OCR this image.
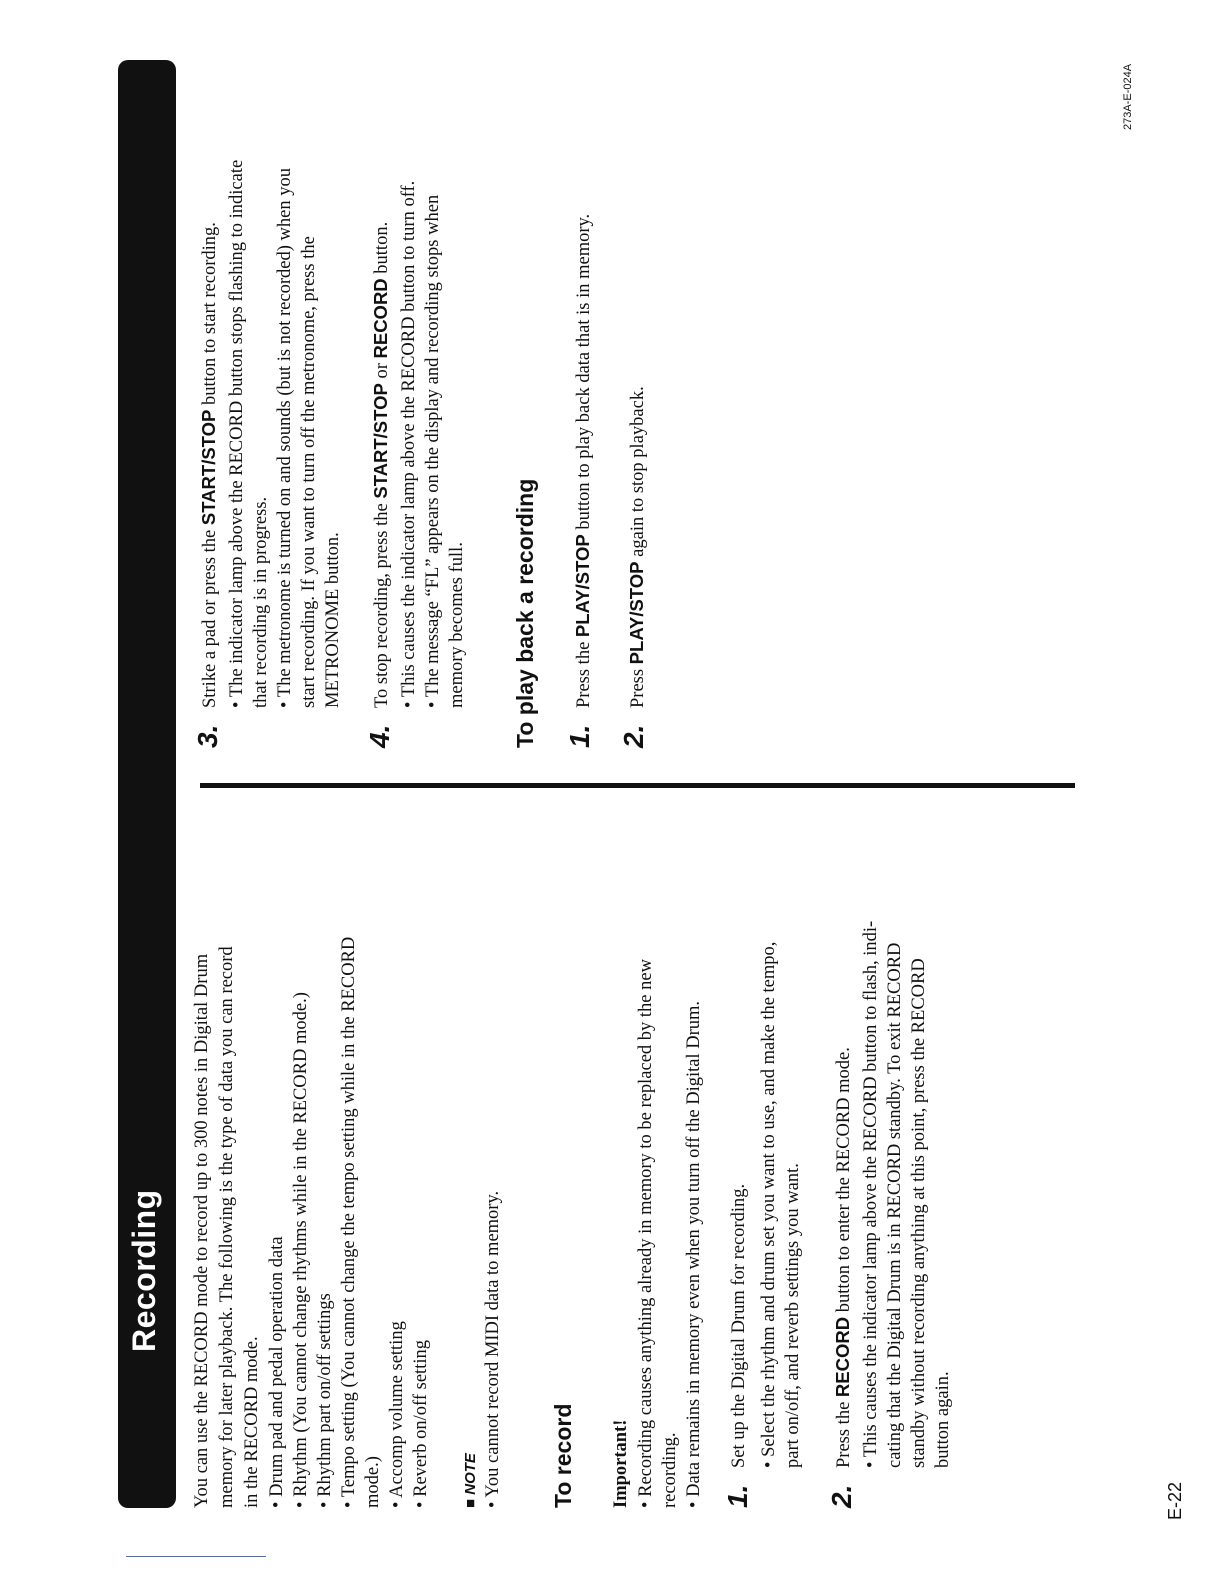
Recording
E-22
273A-E-024A
You can use the RECORD mode to record up to 300 notes in Digital Drum memory for later playback. The following is the type of data you can record in the RECORD mode. • Drum pad and pedal operation data • Rhythm (You cannot change rhythms while in the RECORD mode.) • Rhythm part on/off settings • Tempo setting (You cannot change the tempo setting while in the RECORD mode.) • Accomp volume setting • Reverb on/off setting ■ NOTE • You cannot record MIDI data to memory. To record Important! • Recording causes anything already in memory to be replaced by the new recording. • Data remains in memory even when you turn off the Digital Drum. 1.
Set up the Digital Drum for recording. • Select the rhythm and drum set you want to use, and make the tempo, part on/off, and reverb settings you want.
2.
Press the RECORD button to enter the RECORD mode. • This causes the indicator lamp above the RECORD button to flash, indi- cating that the Digital Drum is in RECORD standby. To exit RECORD standby without recording anything at this point, press the RECORD button again.
3.
Strike a pad or press the START/STOP button to start recording. • The indicator lamp above the RECORD button stops flashing to indicate that recording is in progress. • The metronome is turned on and sounds (but is not recorded) when you start recording. If you want to turn off the metronome, press the METRONOME button.
4.
To stop recording, press the START/STOP or RECORD button. • This causes the indicator lamp above the RECORD button to turn off. • The message “FL” appears on the display and recording stops when memory becomes full. To play back a recording 1.
Press the PLAY/STOP button to play back data that is in memory.
2.
Press PLAY/STOP again to stop playback.
